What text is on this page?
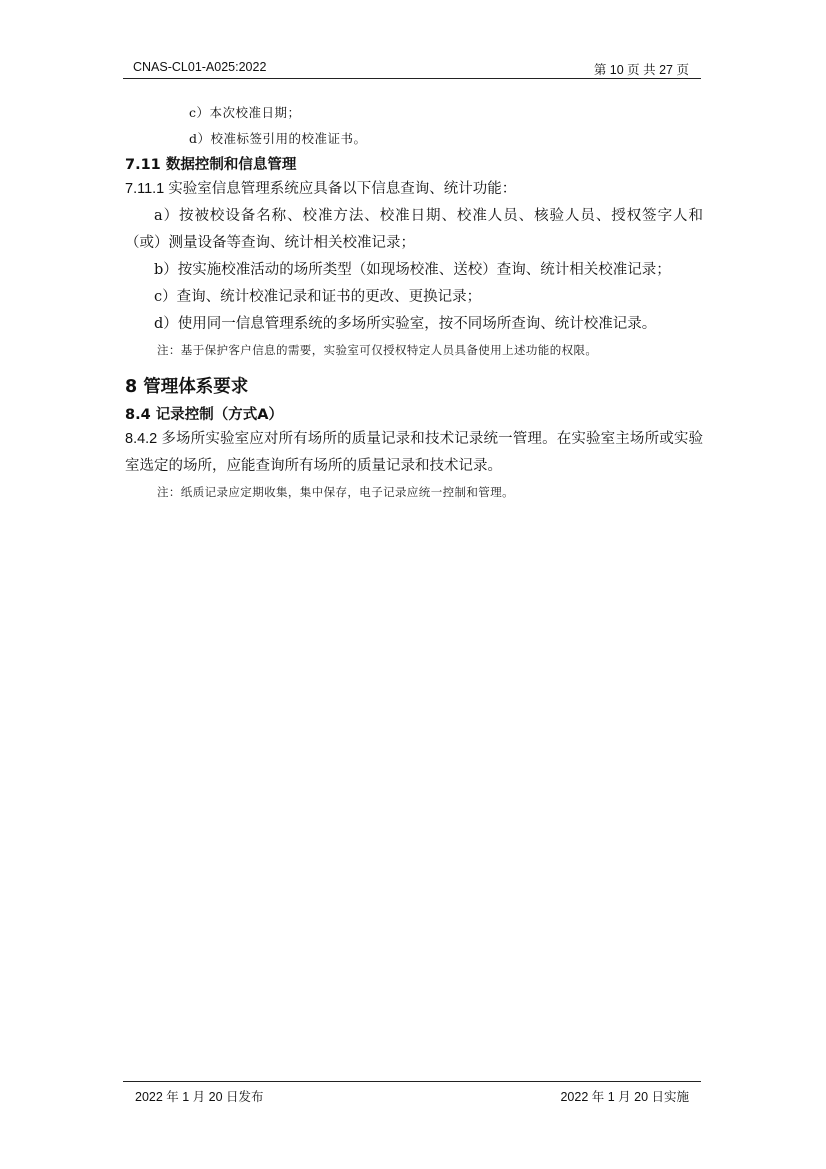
CNAS-CL01-A025:2022	第 10 页 共 27 页
c）本次校准日期；
d）校准标签引用的校准证书。
7.11 数据控制和信息管理
7.11.1 实验室信息管理系统应具备以下信息查询、统计功能：
a）按被校设备名称、校准方法、校准日期、校准人员、核验人员、授权签字人和（或）测量设备等查询、统计相关校准记录；
b）按实施校准活动的场所类型（如现场校准、送校）查询、统计相关校准记录；
c）查询、统计校准记录和证书的更改、更换记录；
d）使用同一信息管理系统的多场所实验室，按不同场所查询、统计校准记录。
注：基于保护客户信息的需要，实验室可仅授权特定人员具备使用上述功能的权限。
8 管理体系要求
8.4 记录控制（方式A）
8.4.2 多场所实验室应对所有场所的质量记录和技术记录统一管理。在实验室主场所或实验室选定的场所，应能查询所有场所的质量记录和技术记录。
注：纸质记录应定期收集，集中保存，电子记录应统一控制和管理。
2022 年 1 月 20 日发布	2022 年 1 月 20 日实施
